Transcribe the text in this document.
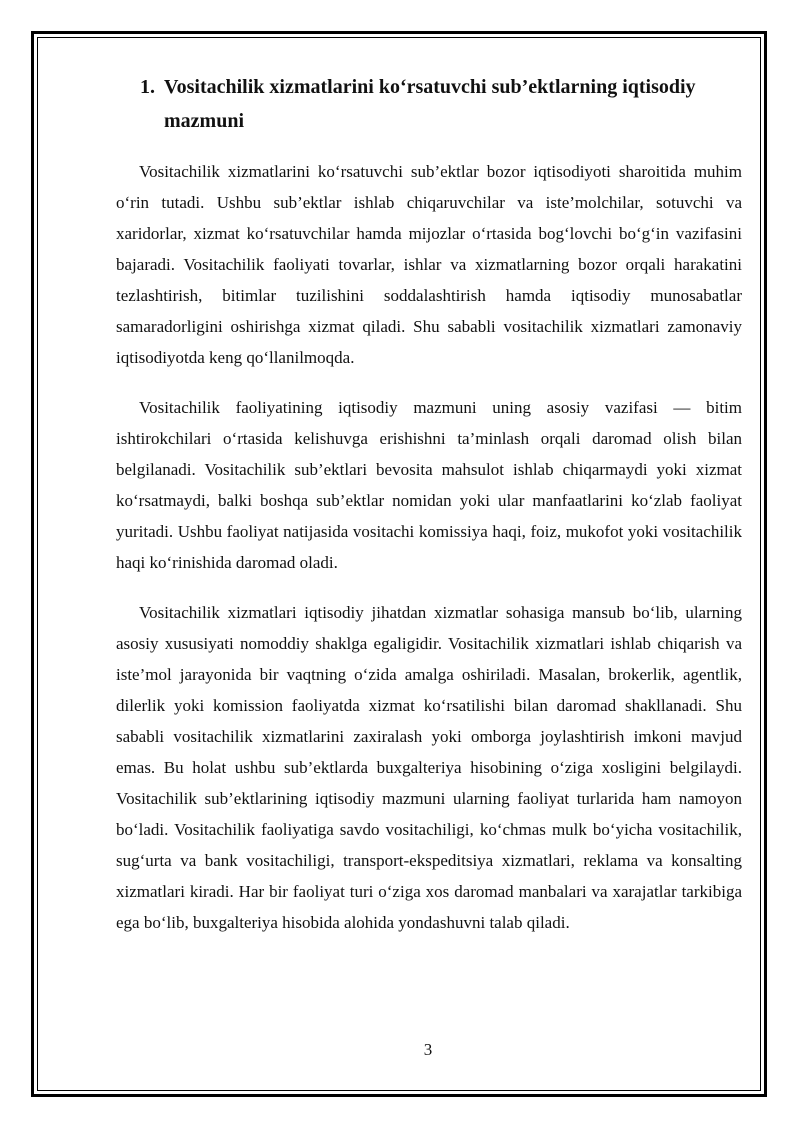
1. Vositachilik xizmatlarini ko‘rsatuvchi sub’ektlarning iqtisodiy mazmuni

Vositachilik xizmatlarini ko‘rsatuvchi sub’ektlar bozor iqtisodiyoti sharoitida muhim o‘rin tutadi. Ushbu sub’ektlar ishlab chiqaruvchilar va iste’molchilar, sotuvchi va xaridorlar, xizmat ko‘rsatuvchilar hamda mijozlar o‘rtasida bog‘lovchi bo‘g‘in vazifasini bajaradi. Vositachilik faoliyati tovarlar, ishlar va xizmatlarning bozor orqali harakatini tezlashtirish, bitimlar tuzilishini soddalashtirish hamda iqtisodiy munosabatlar samaradorligini oshirishga xizmat qiladi. Shu sababli vositachilik xizmatlari zamonaviy iqtisodiyotda keng qo‘llanilmoqda.

Vositachilik faoliyatining iqtisodiy mazmuni uning asosiy vazifasi — bitim ishtirokchilari o‘rtasida kelishuvga erishishni ta’minlash orqali daromad olish bilan belgilanadi. Vositachilik sub’ektlari bevosita mahsulot ishlab chiqarmaydi yoki xizmat ko‘rsatmaydi, balki boshqa sub’ektlar nomidan yoki ular manfaatlarini ko‘zlab faoliyat yuritadi. Ushbu faoliyat natijasida vositachi komissiya haqi, foiz, mukofot yoki vositachilik haqi ko‘rinishida daromad oladi.

Vositachilik xizmatlari iqtisodiy jihatdan xizmatlar sohasiga mansub bo‘lib, ularning asosiy xususiyati nomoddiy shaklga egaligidir. Vositachilik xizmatlari ishlab chiqarish va iste’mol jarayonida bir vaqtning o‘zida amalga oshiriladi. Masalan, brokerlik, agentlik, dilerlik yoki komission faoliyatda xizmat ko‘rsatilishi bilan daromad shakllanadi. Shu sababli vositachilik xizmatlarini zaxiralash yoki omborga joylashtirish imkoni mavjud emas. Bu holat ushbu sub’ektlarda buxgalteriya hisobining o‘ziga xosligini belgilaydi. Vositachilik sub’ektlarining iqtisodiy mazmuni ularning faoliyat turlarida ham namoyon bo‘ladi. Vositachilik faoliyatiga savdo vositachiligi, ko‘chmas mulk bo‘yicha vositachilik, sug‘urta va bank vositachiligi, transport-ekspeditsiya xizmatlari, reklama va konsalting xizmatlari kiradi. Har bir faoliyat turi o‘ziga xos daromad manbalari va xarajatlar tarkibiga ega bo‘lib, buxgalteriya hisobida alohida yondashuvni talab qiladi.

3
